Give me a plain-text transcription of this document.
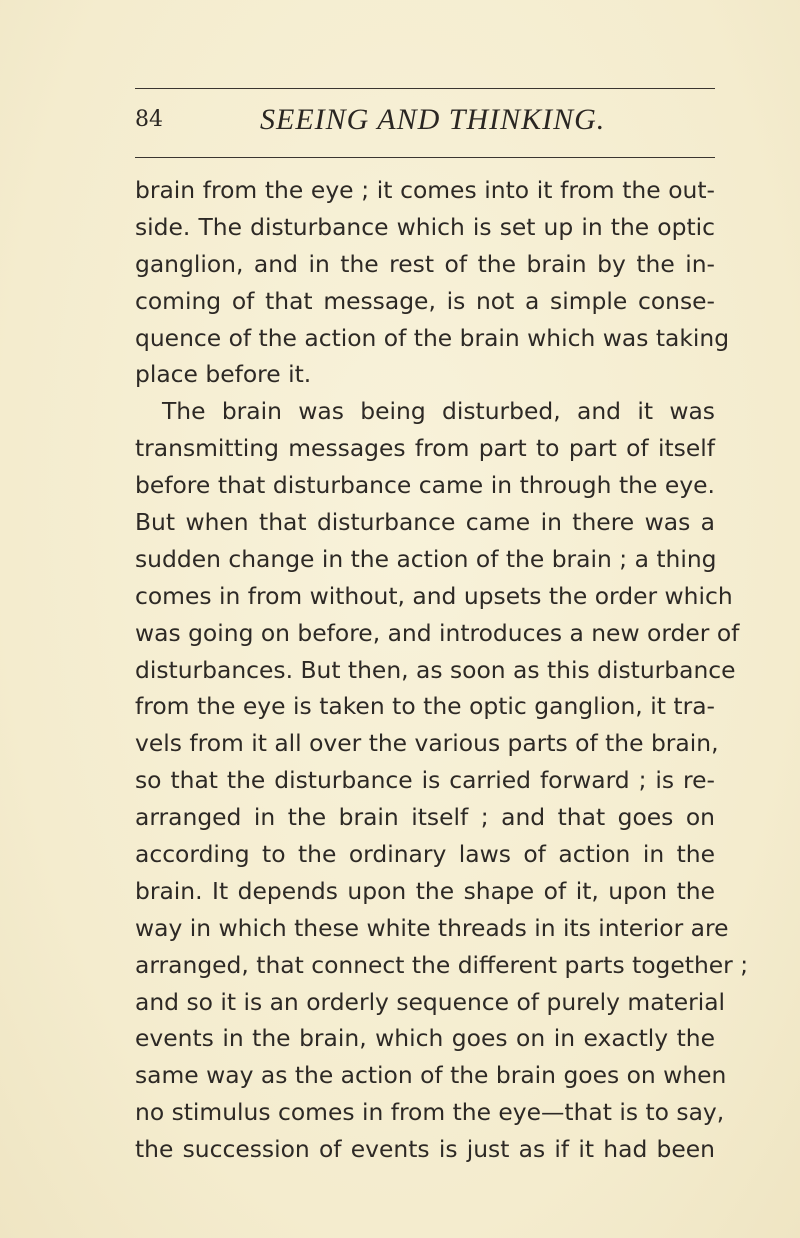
84	SEEING AND THINKING.
brain from the eye ; it comes into it from the out-
side. The disturbance which is set up in the optic
ganglion, and in the rest of the brain by the in-
coming of that message, is not a simple conse-
quence of the action of the brain which was taking
place before it.
The brain was being disturbed, and it was
transmitting messages from part to part of itself
before that disturbance came in through the eye.
But when that disturbance came in there was a
sudden change in the action of the brain ; a thing
comes in from without, and upsets the order which
was going on before, and introduces a new order of
disturbances. But then, as soon as this disturbance
from the eye is taken to the optic ganglion, it tra-
vels from it all over the various parts of the brain,
so that the disturbance is carried forward ; is re-
arranged in the brain itself ; and that goes on
according to the ordinary laws of action in the
brain. It depends upon the shape of it, upon the
way in which these white threads in its interior are
arranged, that connect the different parts together ;
and so it is an orderly sequence of purely material
events in the brain, which goes on in exactly the
same way as the action of the brain goes on when
no stimulus comes in from the eye—that is to say,
the succession of events is just as if it had been
